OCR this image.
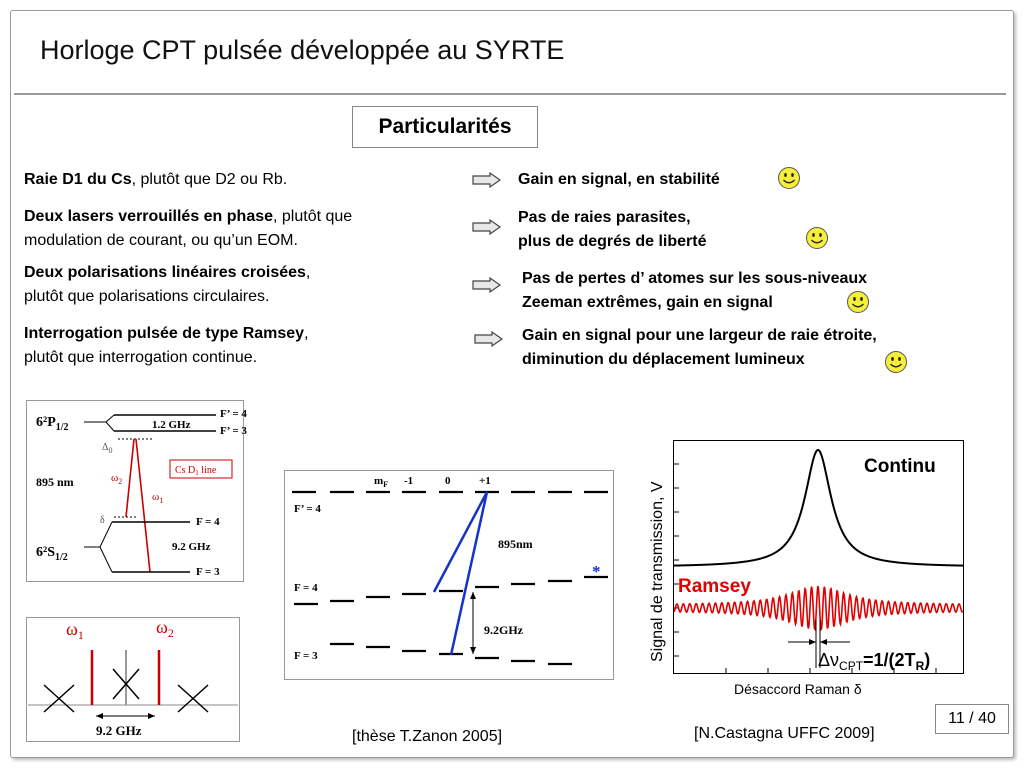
Horloge CPT pulsée développée au SYRTE
Particularités
Raie D1 du Cs, plutôt que D2 ou Rb.
Deux lasers verrouillés en phase, plutôt que
modulation de courant, ou qu’un EOM.
Deux polarisations linéaires croisées,
plutôt que polarisations circulaires.
Interrogation pulsée de type Ramsey,
plutôt que interrogation continue.
Gain en signal, en stabilité
Pas de raies parasites,
plus de degrés de liberté
Pas de pertes d’ atomes sur les sous-niveaux
Zeeman extrêmes, gain en signal
Gain en signal pour une largeur de raie étroite,
diminution du déplacement lumineux
$6^2P_{1/2}$
F’ = 4
F’ = 3
1.2 GHz
$\Delta_0$
895 nm
Cs $D_1$ line
$\omega_2$
$\omega_1$
δ
$6^2S_{1/2}$
F = 4
F = 3
9.2 GHz
$\omega_1$	$\omega_2$
9.2 GHz
$m_F$ -1	0	+1
F’ = 4
F = 4
F = 3
895nm
9.2GHz
*
Continu
Ramsey
$\Delta\nu_{CPT}=1/(2T_R)$
Désaccord Raman δ
Signal de transmission, V
[thèse T.Zanon 2005]	[N.Castagna UFFC 2009]
11 / 40
